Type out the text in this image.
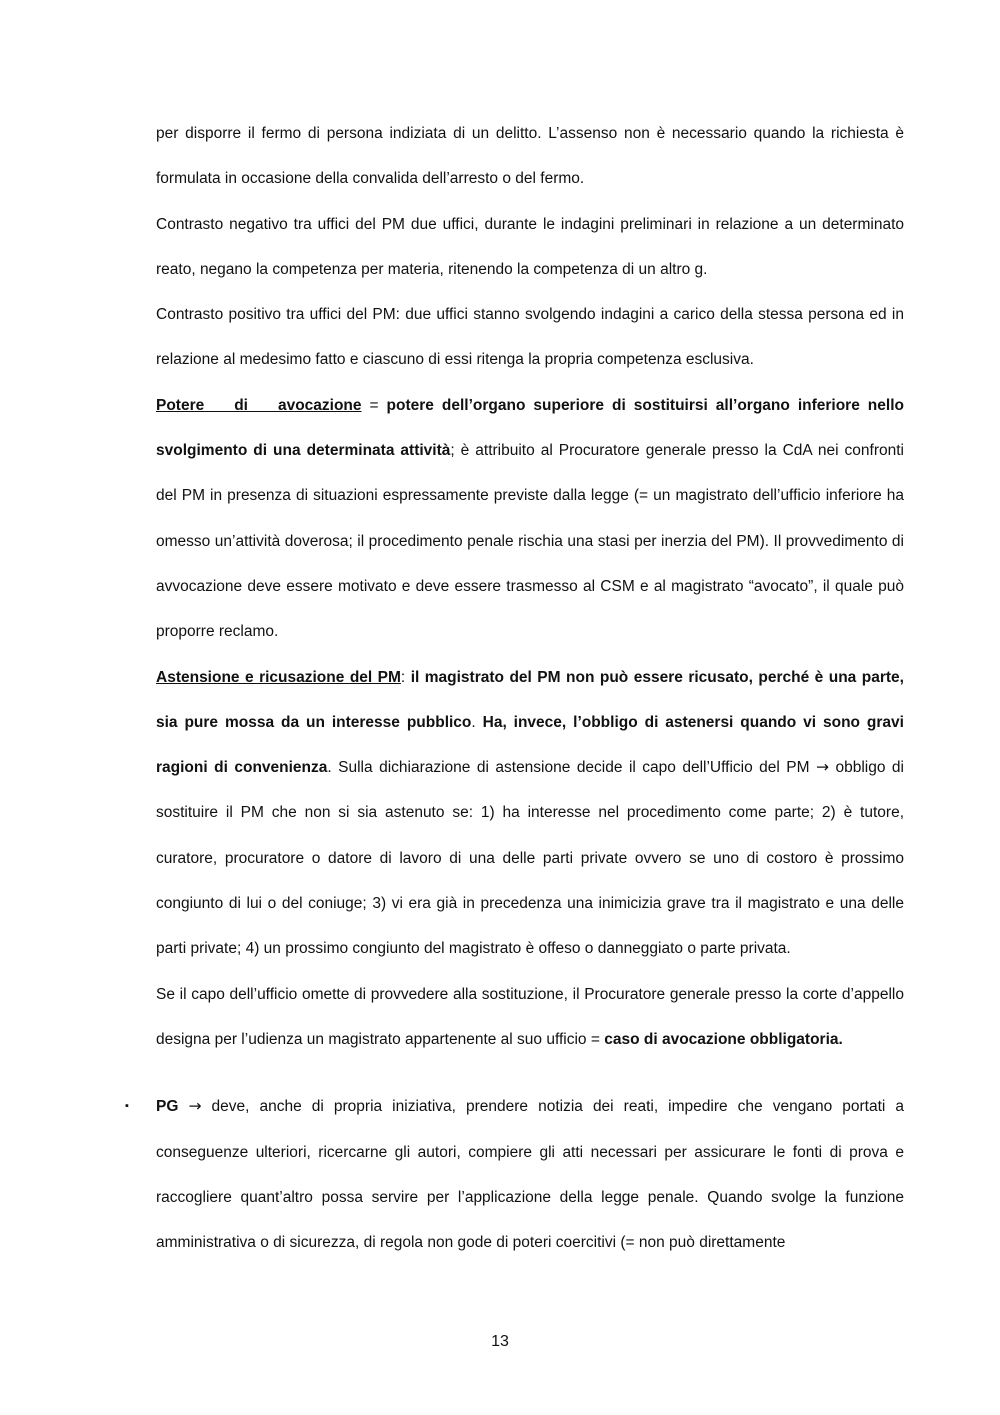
per disporre il fermo di persona indiziata di un delitto. L’assenso non è necessario quando la richiesta è formulata in occasione della convalida dell’arresto o del fermo.

Contrasto negativo tra uffici del PM due uffici, durante le indagini preliminari in relazione a un determinato reato, negano la competenza per materia, ritenendo la competenza di un altro g.

Contrasto positivo tra uffici del PM: due uffici stanno svolgendo indagini a carico della stessa persona ed in relazione al medesimo fatto e ciascuno di essi ritenga la propria competenza esclusiva.

Potere di avocazione = potere dell’organo superiore di sostituirsi all’organo inferiore nello svolgimento di una determinata attività; è attribuito al Procuratore generale presso la CdA nei confronti del PM in presenza di situazioni espressamente previste dalla legge (= un magistrato dell’ufficio inferiore ha omesso un’attività doverosa; il procedimento penale rischia una stasi per inerzia del PM). Il provvedimento di avvocazione deve essere motivato e deve essere trasmesso al CSM e al magistrato “avocato”, il quale può proporre reclamo.

Astensione e ricusazione del PM: il magistrato del PM non può essere ricusato, perché è una parte, sia pure mossa da un interesse pubblico. Ha, invece, l’obbligo di astenersi quando vi sono gravi ragioni di convenienza. Sulla dichiarazione di astensione decide il capo dell’Ufficio del PM → obbligo di sostituire il PM che non si sia astenuto se: 1) ha interesse nel procedimento come parte; 2) è tutore, curatore, procuratore o datore di lavoro di una delle parti private ovvero se uno di costoro è prossimo congiunto di lui o del coniuge; 3) vi era già in precedenza una inimicizia grave tra il magistrato e una delle parti private; 4) un prossimo congiunto del magistrato è offeso o danneggiato o parte privata.

Se il capo dell’ufficio omette di provvedere alla sostituzione, il Procuratore generale presso la corte d’appello designa per l’udienza un magistrato appartenente al suo ufficio = caso di avocazione obbligatoria.

▪ PG → deve, anche di propria iniziativa, prendere notizia dei reati, impedire che vengano portati a conseguenze ulteriori, ricercarne gli autori, compiere gli atti necessari per assicurare le fonti di prova e raccogliere quant’altro possa servire per l’applicazione della legge penale. Quando svolge la funzione amministrativa o di sicurezza, di regola non gode di poteri coercitivi (= non può direttamente

13
